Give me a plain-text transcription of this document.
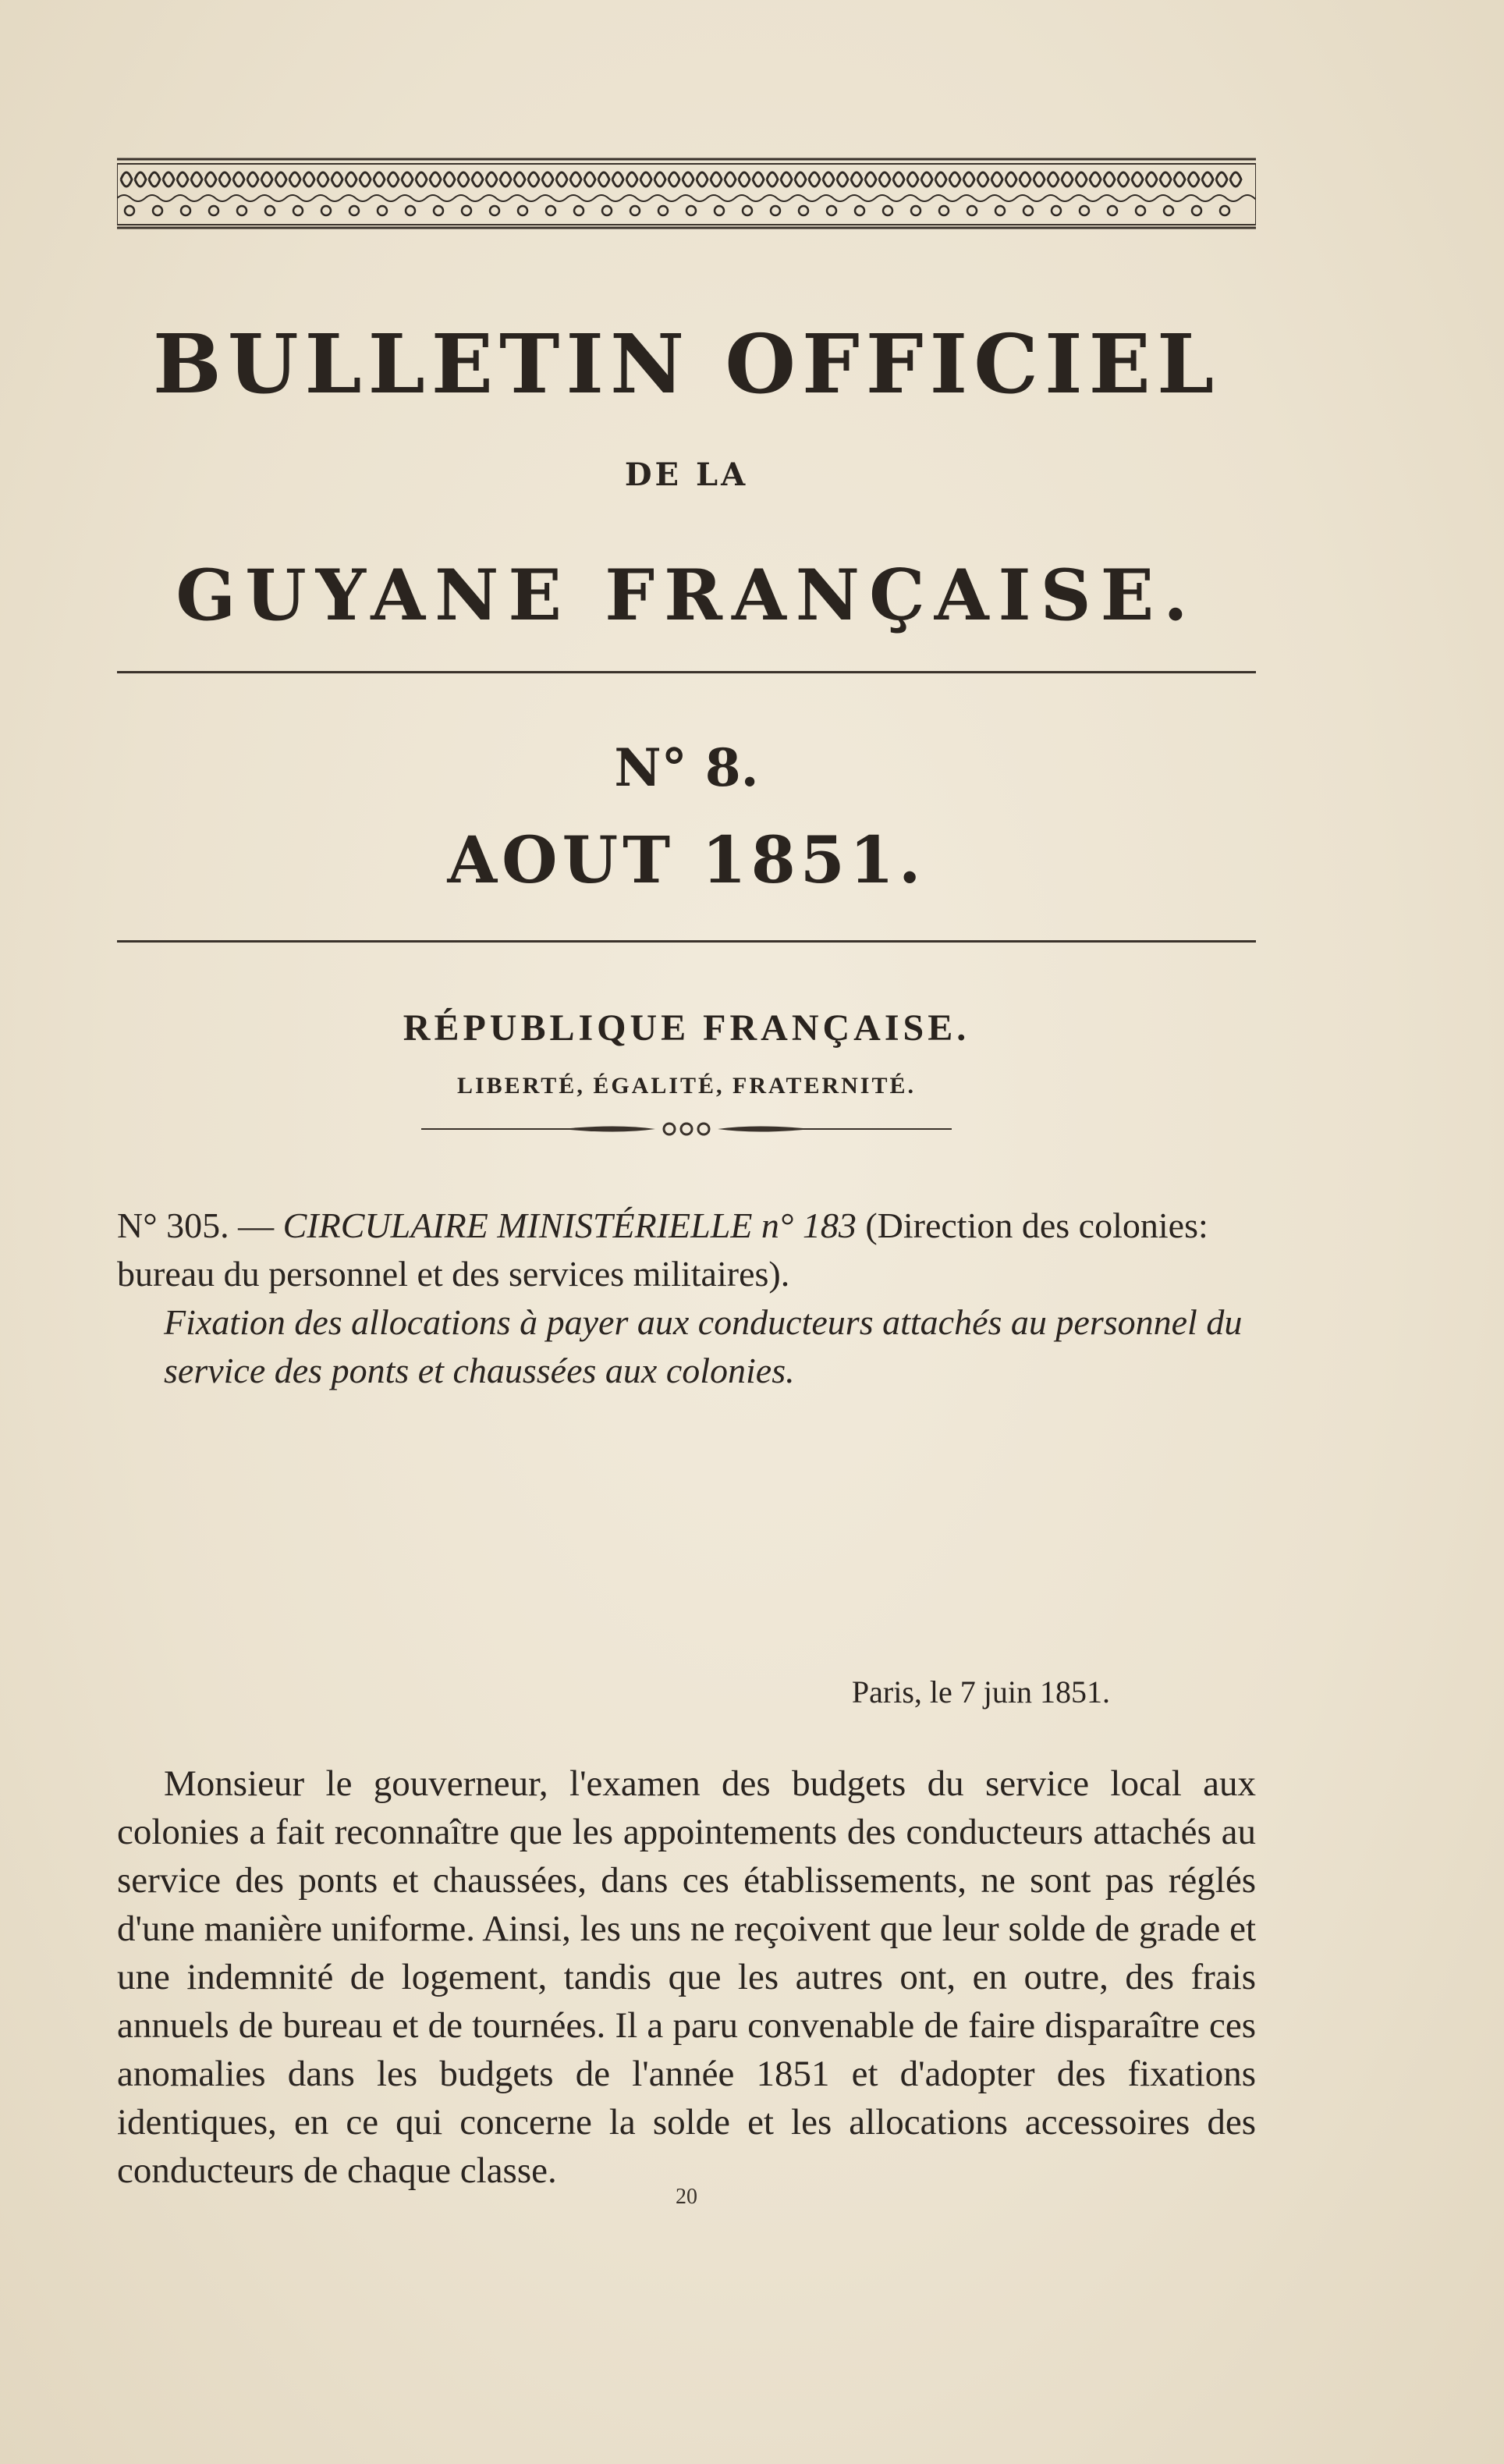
BULLETIN OFFICIEL
DE LA
GUYANE FRANÇAISE.
N° 8.
AOUT 1851.
RÉPUBLIQUE FRANÇAISE.
LIBERTÉ, ÉGALITÉ, FRATERNITÉ.
N° 305. — CIRCULAIRE MINISTÉRIELLE n° 183 (Direction des colonies: bureau du personnel et des services militaires).
Fixation des allocations à payer aux conducteurs attachés au personnel du service des ponts et chaussées aux colonies.
Paris, le 7 juin 1851.
Monsieur le gouverneur, l'examen des budgets du service local aux colonies a fait reconnaître que les appointements des conducteurs attachés au service des ponts et chaussées, dans ces établissements, ne sont pas réglés d'une manière uniforme. Ainsi, les uns ne reçoivent que leur solde de grade et une indemnité de logement, tandis que les autres ont, en outre, des frais annuels de bureau et de tournées. Il a paru convenable de faire disparaître ces anomalies dans les budgets de l'année 1851 et d'adopter des fixations identiques, en ce qui concerne la solde et les allocations accessoires des conducteurs de chaque classe.
20
